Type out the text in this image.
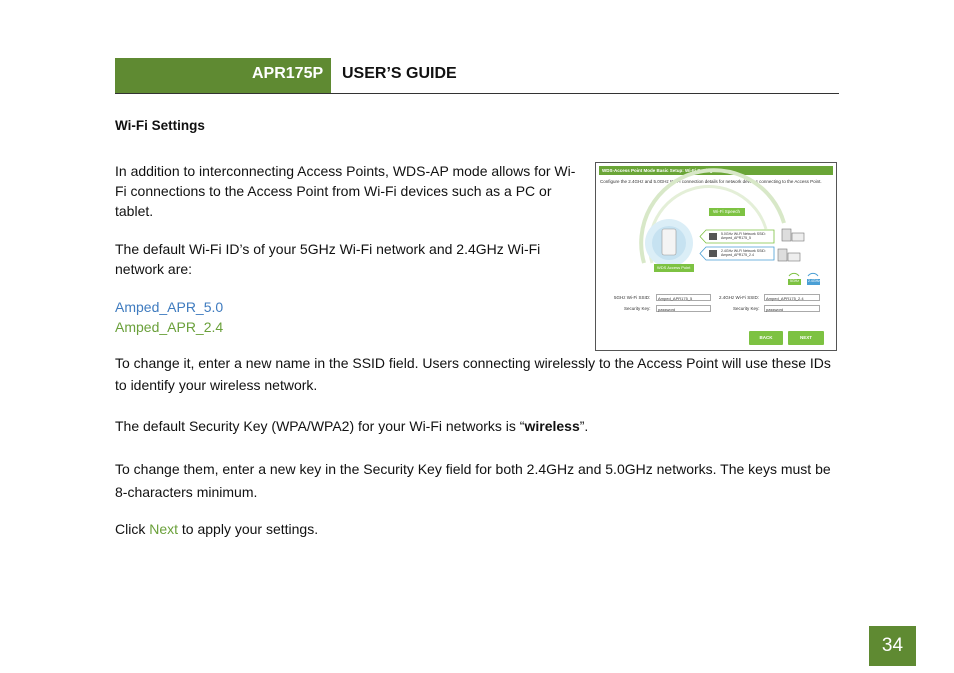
APR175P USER’S GUIDE

Wi-Fi Settings

In addition to interconnecting Access Points, WDS-AP mode allows for Wi-Fi connections to the Access Point from Wi-Fi devices such as a PC or tablet.

The default Wi-Fi ID’s of your 5GHz Wi-Fi network and 2.4GHz Wi-Fi network are:

Amped_APR_5.0

Amped_APR_2.4

To change it, enter a new name in the SSID field. Users connecting wirelessly to the Access Point will use these IDs to identify your wireless network.

The default Security Key (WPA/WPA2) for your Wi-Fi networks is “wireless”.

To change them, enter a new key in the Security Key field for both 2.4GHz and 5.0GHz networks. The keys must be 8-characters minimum.

Click Next to apply your settings.

WDS-Access Point Mode Basic Setup: Wi-Fi Settings
Configure the 2.4GHz and 5.0GHz Wi-Fi connection details for network devices connecting to the Access Point.
Wi-Fi Speech
5.0GHz Wi-Fi Network SSID: Amped_APR175_5
2.4GHz Wi-Fi Network SSID: Amped_APR175_2.4
WDS Access Point
5GHz	2.4GHz
5GHz Wi-Fi SSID:	Amped_APR175_5
Security Key:	password
2.4GHz Wi-Fi SSID:	Amped_APR175_2.4
Security Key:	password
BACK	NEXT
34
